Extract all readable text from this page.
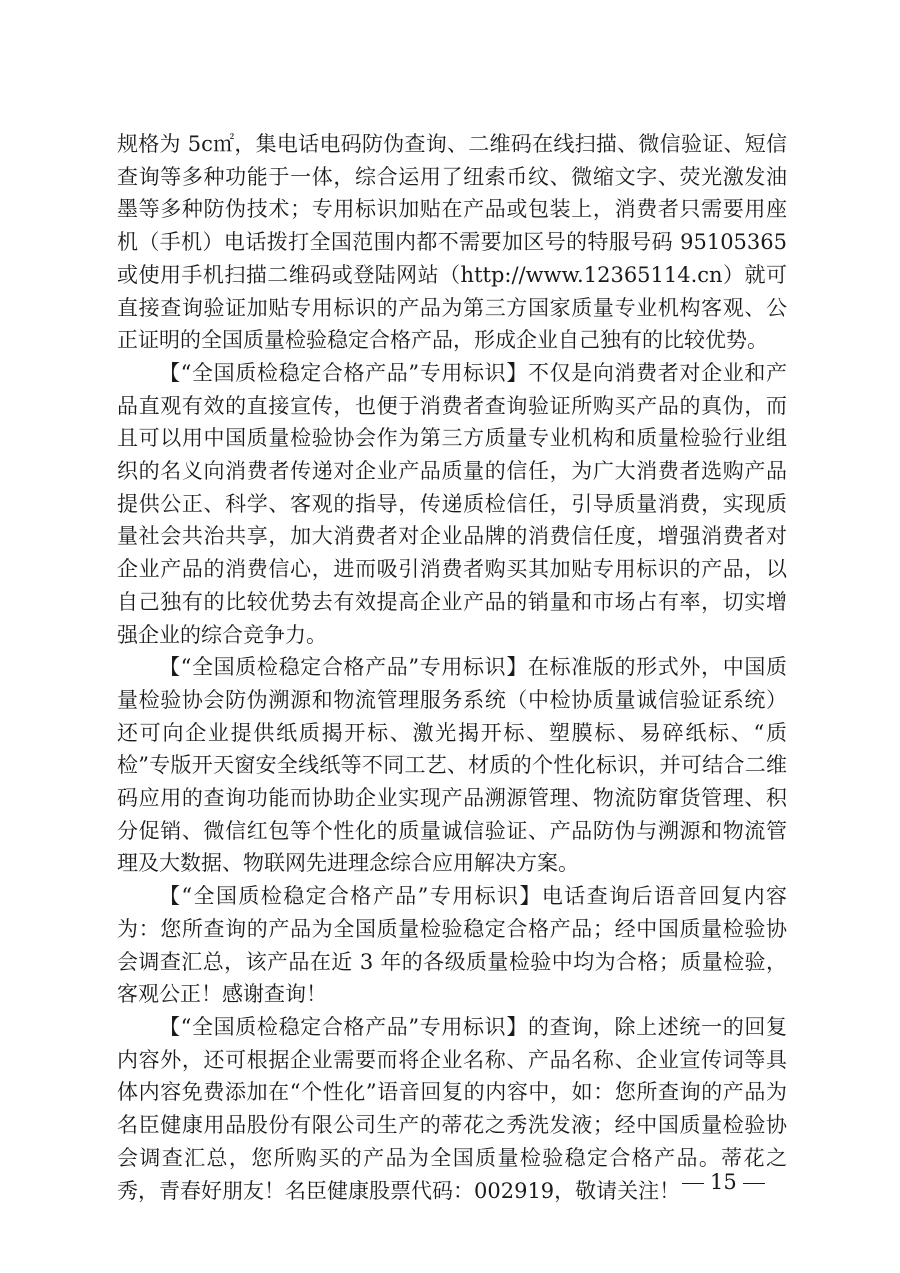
规格为 5c㎡，集电话电码防伪查询、二维码在线扫描、微信验证、短信查询等多种功能于一体，综合运用了纽索币纹、微缩文字、荧光激发油墨等多种防伪技术；专用标识加贴在产品或包装上，消费者只需要用座机（手机）电话拨打全国范围内都不需要加区号的特服号码 95105365 或使用手机扫描二维码或登陆网站（http://www.12365114.cn）就可直接查询验证加贴专用标识的产品为第三方国家质量专业机构客观、公正证明的全国质量检验稳定合格产品，形成企业自己独有的比较优势。

【“全国质检稳定合格产品”专用标识】不仅是向消费者对企业和产品直观有效的直接宣传，也便于消费者查询验证所购买产品的真伪，而且可以用中国质量检验协会作为第三方质量专业机构和质量检验行业组织的名义向消费者传递对企业产品质量的信任，为广大消费者选购产品提供公正、科学、客观的指导，传递质检信任，引导质量消费，实现质量社会共治共享，加大消费者对企业品牌的消费信任度，增强消费者对企业产品的消费信心，进而吸引消费者购买其加贴专用标识的产品，以自己独有的比较优势去有效提高企业产品的销量和市场占有率，切实增强企业的综合竞争力。

【“全国质检稳定合格产品”专用标识】在标准版的形式外，中国质量检验协会防伪溯源和物流管理服务系统（中检协质量诚信验证系统）还可向企业提供纸质揭开标、激光揭开标、塑膜标、易碎纸标、“质检”专版开天窗安全线纸等不同工艺、材质的个性化标识，并可结合二维码应用的查询功能而协助企业实现产品溯源管理、物流防窜货管理、积分促销、微信红包等个性化的质量诚信验证、产品防伪与溯源和物流管理及大数据、物联网先进理念综合应用解决方案。

【“全国质检稳定合格产品”专用标识】电话查询后语音回复内容为：您所查询的产品为全国质量检验稳定合格产品；经中国质量检验协会调查汇总，该产品在近 3 年的各级质量检验中均为合格；质量检验，客观公正！感谢查询！

【“全国质检稳定合格产品”专用标识】的查询，除上述统一的回复内容外，还可根据企业需要而将企业名称、产品名称、企业宣传词等具体内容免费添加在“个性化”语音回复的内容中，如：您所查询的产品为名臣健康用品股份有限公司生产的蒂花之秀洗发液；经中国质量检验协会调查汇总，您所购买的产品为全国质量检验稳定合格产品。蒂花之秀，青春好朋友！名臣健康股票代码：002919，敬请关注！	15
